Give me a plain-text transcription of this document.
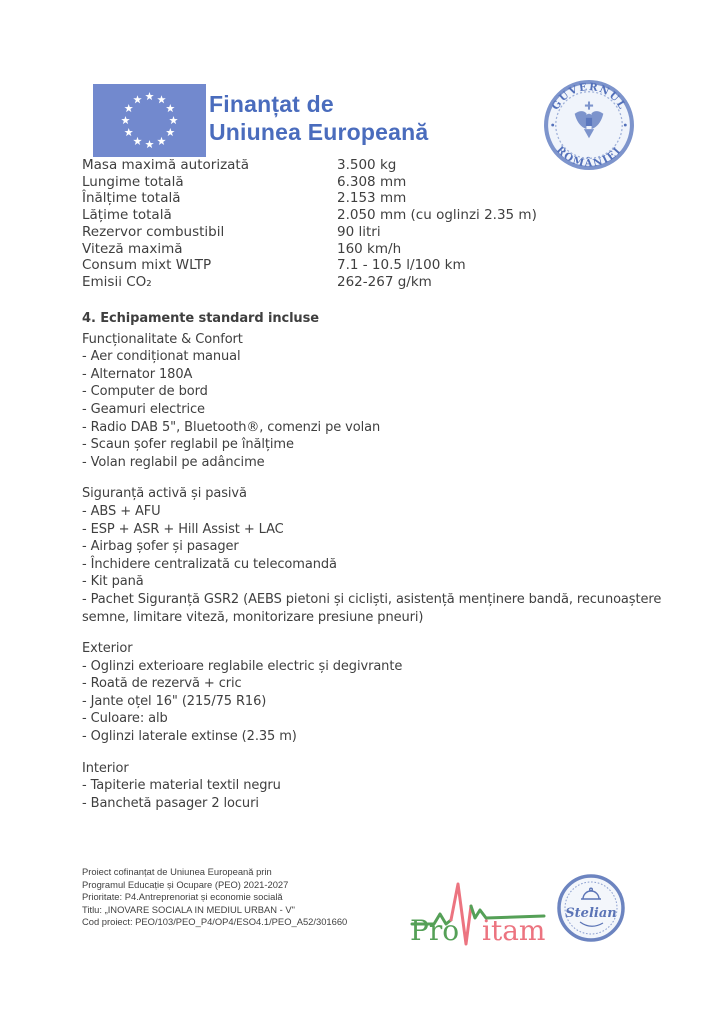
Finanțat de
Uniunea Europeană
GUVERNUL
ROMÂNIEI
Masa maximă autorizată	3.500 kg
Lungime totală	6.308 mm
Înălțime totală	2.153 mm
Lățime totală	2.050 mm (cu oglinzi 2.35 m)
Rezervor combustibil	90 litri
Viteză maximă	160 km/h
Consum mixt WLTP	7.1 - 10.5 l/100 km
Emisii CO₂	262-267 g/km
4. Echipamente standard incluse
Funcționalitate & Confort
- Aer condiționat manual
- Alternator 180A
- Computer de bord
- Geamuri electrice
- Radio DAB 5", Bluetooth®, comenzi pe volan
- Scaun șofer reglabil pe înălțime
- Volan reglabil pe adâncime
Siguranță activă și pasivă
- ABS + AFU
- ESP + ASR + Hill Assist + LAC
- Airbag șofer și pasager
- Închidere centralizată cu telecomandă
- Kit pană
- Pachet Siguranță GSR2 (AEBS pietoni și cicliști, asistență menținere bandă, recunoaștere semne, limitare viteză, monitorizare presiune pneuri)
Exterior
- Oglinzi exterioare reglabile electric și degivrante
- Roată de rezervă + cric
- Jante oțel 16" (215/75 R16)
- Culoare: alb
- Oglinzi laterale extinse (2.35 m)
Interior
- Tapiterie material textil negru
- Banchetă pasager 2 locuri
Proiect cofinanțat de Uniunea Europeană prin
Programul Educație și Ocupare (PEO) 2021-2027
Prioritate: P4.Antreprenoriat și economie socială
Titlu: „INOVARE SOCIALA IN MEDIUL URBAN - V"
Cod proiect: PEO/103/PEO_P4/OP4/ESO4.1/PEO_A52/301660 Pro itam
Stelian
